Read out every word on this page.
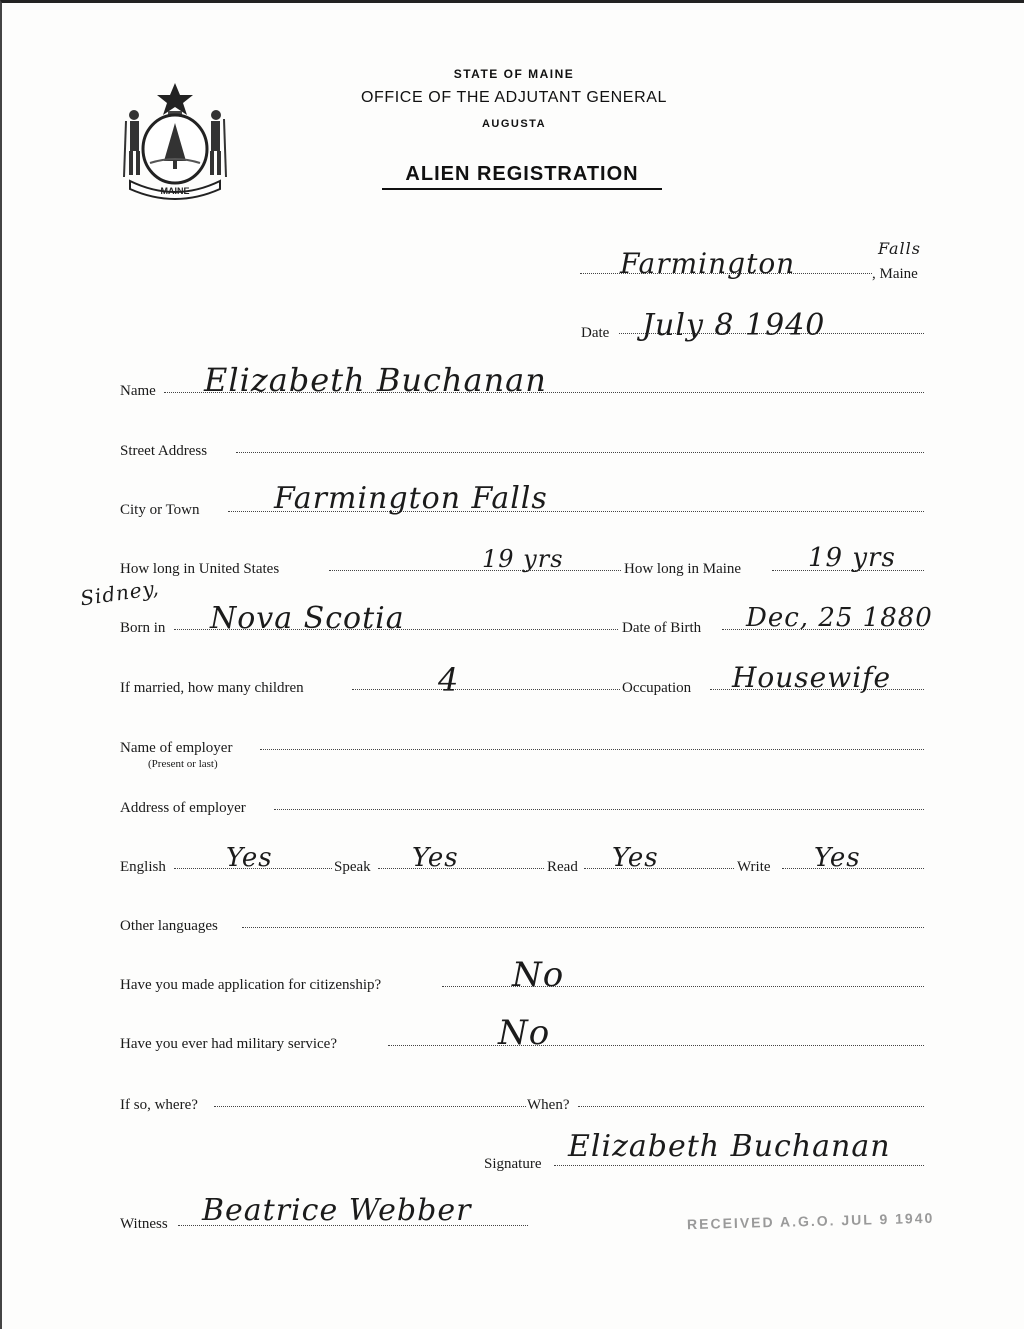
MAINE
STATE OF MAINE
OFFICE OF THE ADJUTANT GENERAL
AUGUSTA
ALIEN REGISTRATION
Farmington	Falls
, Maine
Date July 8 1940
Name Elizabeth Buchanan
Street Address
City or Town Farmington Falls
How long in United States	19 yrs	How long in Maine	19 yrs
Sidney,
Born in Nova Scotia	Date of Birth Dec, 25 1880
If married, how many children	4	Occupation Housewife
Name of employer
(Present or last)
Address of employer
English Yes	Speak Yes	Read Yes	Write Yes
Other languages
Have you made application for citizenship?	No
Have you ever had military service?	No
If so, where?	When?
Signature Elizabeth Buchanan
Witness Beatrice Webber	RECEIVED A.G.O. JUL 9 1940
